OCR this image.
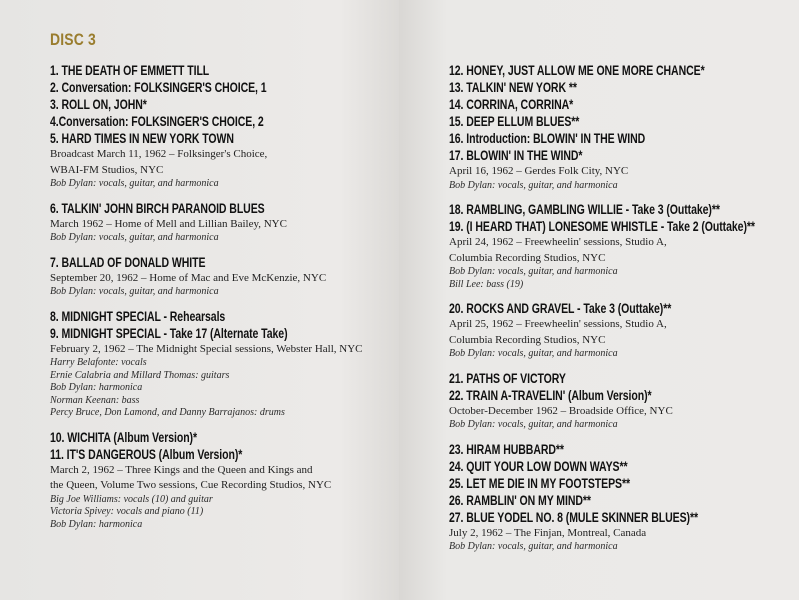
DISC 3
1. THE DEATH OF EMMETT TILL
2. Conversation: FOLKSINGER'S CHOICE, 1
3. ROLL ON, JOHN*
4.Conversation: FOLKSINGER'S CHOICE, 2
5. HARD TIMES IN NEW YORK TOWN
Broadcast March 11, 1962 – Folksinger's Choice,
WBAI-FM Studios, NYC
Bob Dylan: vocals, guitar, and harmonica
6. TALKIN' JOHN BIRCH PARANOID BLUES
March 1962 – Home of Mell and Lillian Bailey, NYC
Bob Dylan: vocals, guitar, and harmonica
7. BALLAD OF DONALD WHITE
September 20, 1962 – Home of Mac and Eve McKenzie, NYC
Bob Dylan: vocals, guitar, and harmonica
8. MIDNIGHT SPECIAL - Rehearsals
9. MIDNIGHT SPECIAL - Take 17 (Alternate Take)
February 2, 1962 – The Midnight Special sessions, Webster Hall, NYC
Harry Belafonte: vocals
Ernie Calabria and Millard Thomas: guitars
Bob Dylan: harmonica
Norman Keenan: bass
Percy Bruce, Don Lamond, and Danny Barrajanos: drums
10. WICHITA (Album Version)*
11. IT'S DANGEROUS (Album Version)*
March 2, 1962 – Three Kings and the Queen and Kings and
the Queen, Volume Two sessions, Cue Recording Studios, NYC
Big Joe Williams: vocals (10) and guitar
Victoria Spivey: vocals and piano (11)
Bob Dylan: harmonica
12. HONEY, JUST ALLOW ME ONE MORE CHANCE*
13. TALKIN' NEW YORK **
14. CORRINA, CORRINA*
15. DEEP ELLUM BLUES**
16. Introduction: BLOWIN' IN THE WIND
17. BLOWIN' IN THE WIND*
April 16, 1962 – Gerdes Folk City, NYC
Bob Dylan: vocals, guitar, and harmonica
18. RAMBLING, GAMBLING WILLIE - Take 3 (Outtake)**
19. (I HEARD THAT) LONESOME WHISTLE - Take 2 (Outtake)**
April 24, 1962 – Freewheelin' sessions, Studio A,
Columbia Recording Studios, NYC
Bob Dylan: vocals, guitar, and harmonica
Bill Lee: bass (19)
20. ROCKS AND GRAVEL - Take 3 (Outtake)**
April 25, 1962 – Freewheelin' sessions, Studio A,
Columbia Recording Studios, NYC
Bob Dylan: vocals, guitar, and harmonica
21. PATHS OF VICTORY
22. TRAIN A-TRAVELIN' (Album Version)*
October-December 1962 – Broadside Office, NYC
Bob Dylan: vocals, guitar, and harmonica
23. HIRAM HUBBARD**
24. QUIT YOUR LOW DOWN WAYS**
25. LET ME DIE IN MY FOOTSTEPS**
26. RAMBLIN' ON MY MIND**
27. BLUE YODEL NO. 8 (MULE SKINNER BLUES)**
July 2, 1962 – The Finjan, Montreal, Canada
Bob Dylan: vocals, guitar, and harmonica
